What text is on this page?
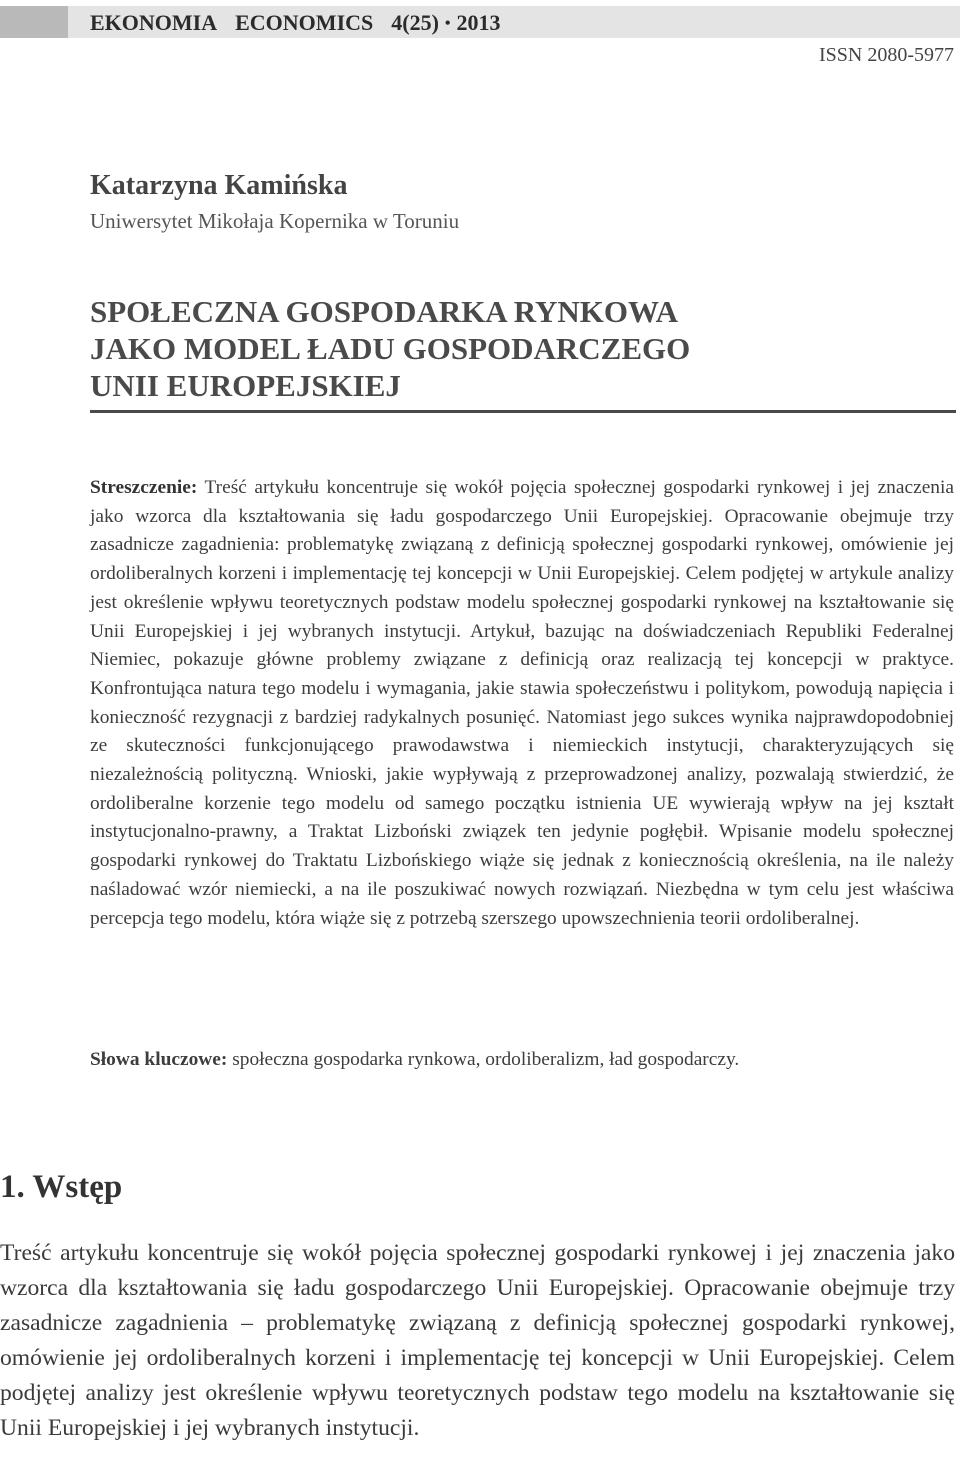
EKONOMIA ECONOMICS 4(25) • 2013
ISSN 2080-5977
Katarzyna Kamińska
Uniwersytet Mikołaja Kopernika w Toruniu
SPOŁECZNA GOSPODARKA RYNKOWA
JAKO MODEL ŁADU GOSPODARCZEGO
UNII EUROPEJSKIEJ
Streszczenie: Treść artykułu koncentruje się wokół pojęcia społecznej gospodarki rynkowej i jej znaczenia jako wzorca dla kształtowania się ładu gospodarczego Unii Europejskiej. Opracowanie obejmuje trzy zasadnicze zagadnienia: problematykę związaną z definicją społecznej gospodarki rynkowej, omówienie jej ordoliberalnych korzeni i implementację tej koncepcji w Unii Europejskiej. Celem podjętej w artykule analizy jest określenie wpływu teoretycznych podstaw modelu społecznej gospodarki rynkowej na kształtowanie się Unii Europejskiej i jej wybranych instytucji. Artykuł, bazując na doświadczeniach Republiki Federalnej Niemiec, pokazuje główne problemy związane z definicją oraz realizacją tej koncepcji w praktyce. Konfrontująca natura tego modelu i wymagania, jakie stawia społeczeństwu i politykom, powodują napięcia i konieczność rezygnacji z bardziej radykalnych posunięć. Natomiast jego sukces wynika najprawdopodobniej ze skuteczności funkcjonującego prawodawstwa i niemieckich instytucji, charakteryzujących się niezależnością polityczną. Wnioski, jakie wypływają z przeprowadzonej analizy, pozwalają stwierdzić, że ordoliberalne korzenie tego modelu od samego początku istnienia UE wywierają wpływ na jej kształt instytucjonalno-prawny, a Traktat Lizboński związek ten jedynie pogłębił. Wpisanie modelu społecznej gospodarki rynkowej do Traktatu Lizbońskiego wiąże się jednak z koniecznością określenia, na ile należy naśladować wzór niemiecki, a na ile poszukiwać nowych rozwiązań. Niezbędna w tym celu jest właściwa percepcja tego modelu, która wiąże się z potrzebą szerszego upowszechnienia teorii ordoliberalnej.
Słowa kluczowe: społeczna gospodarka rynkowa, ordoliberalizm, ład gospodarczy.
1. Wstęp
Treść artykułu koncentruje się wokół pojęcia społecznej gospodarki rynkowej i jej znaczenia jako wzorca dla kształtowania się ładu gospodarczego Unii Europejskiej. Opracowanie obejmuje trzy zasadnicze zagadnienia – problematykę związaną z definicją społecznej gospodarki rynkowej, omówienie jej ordoliberalnych korzeni i implementację tej koncepcji w Unii Europejskiej. Celem podjętej analizy jest określenie wpływu teoretycznych podstaw tego modelu na kształtowanie się Unii Europejskiej i jej wybranych instytucji.
